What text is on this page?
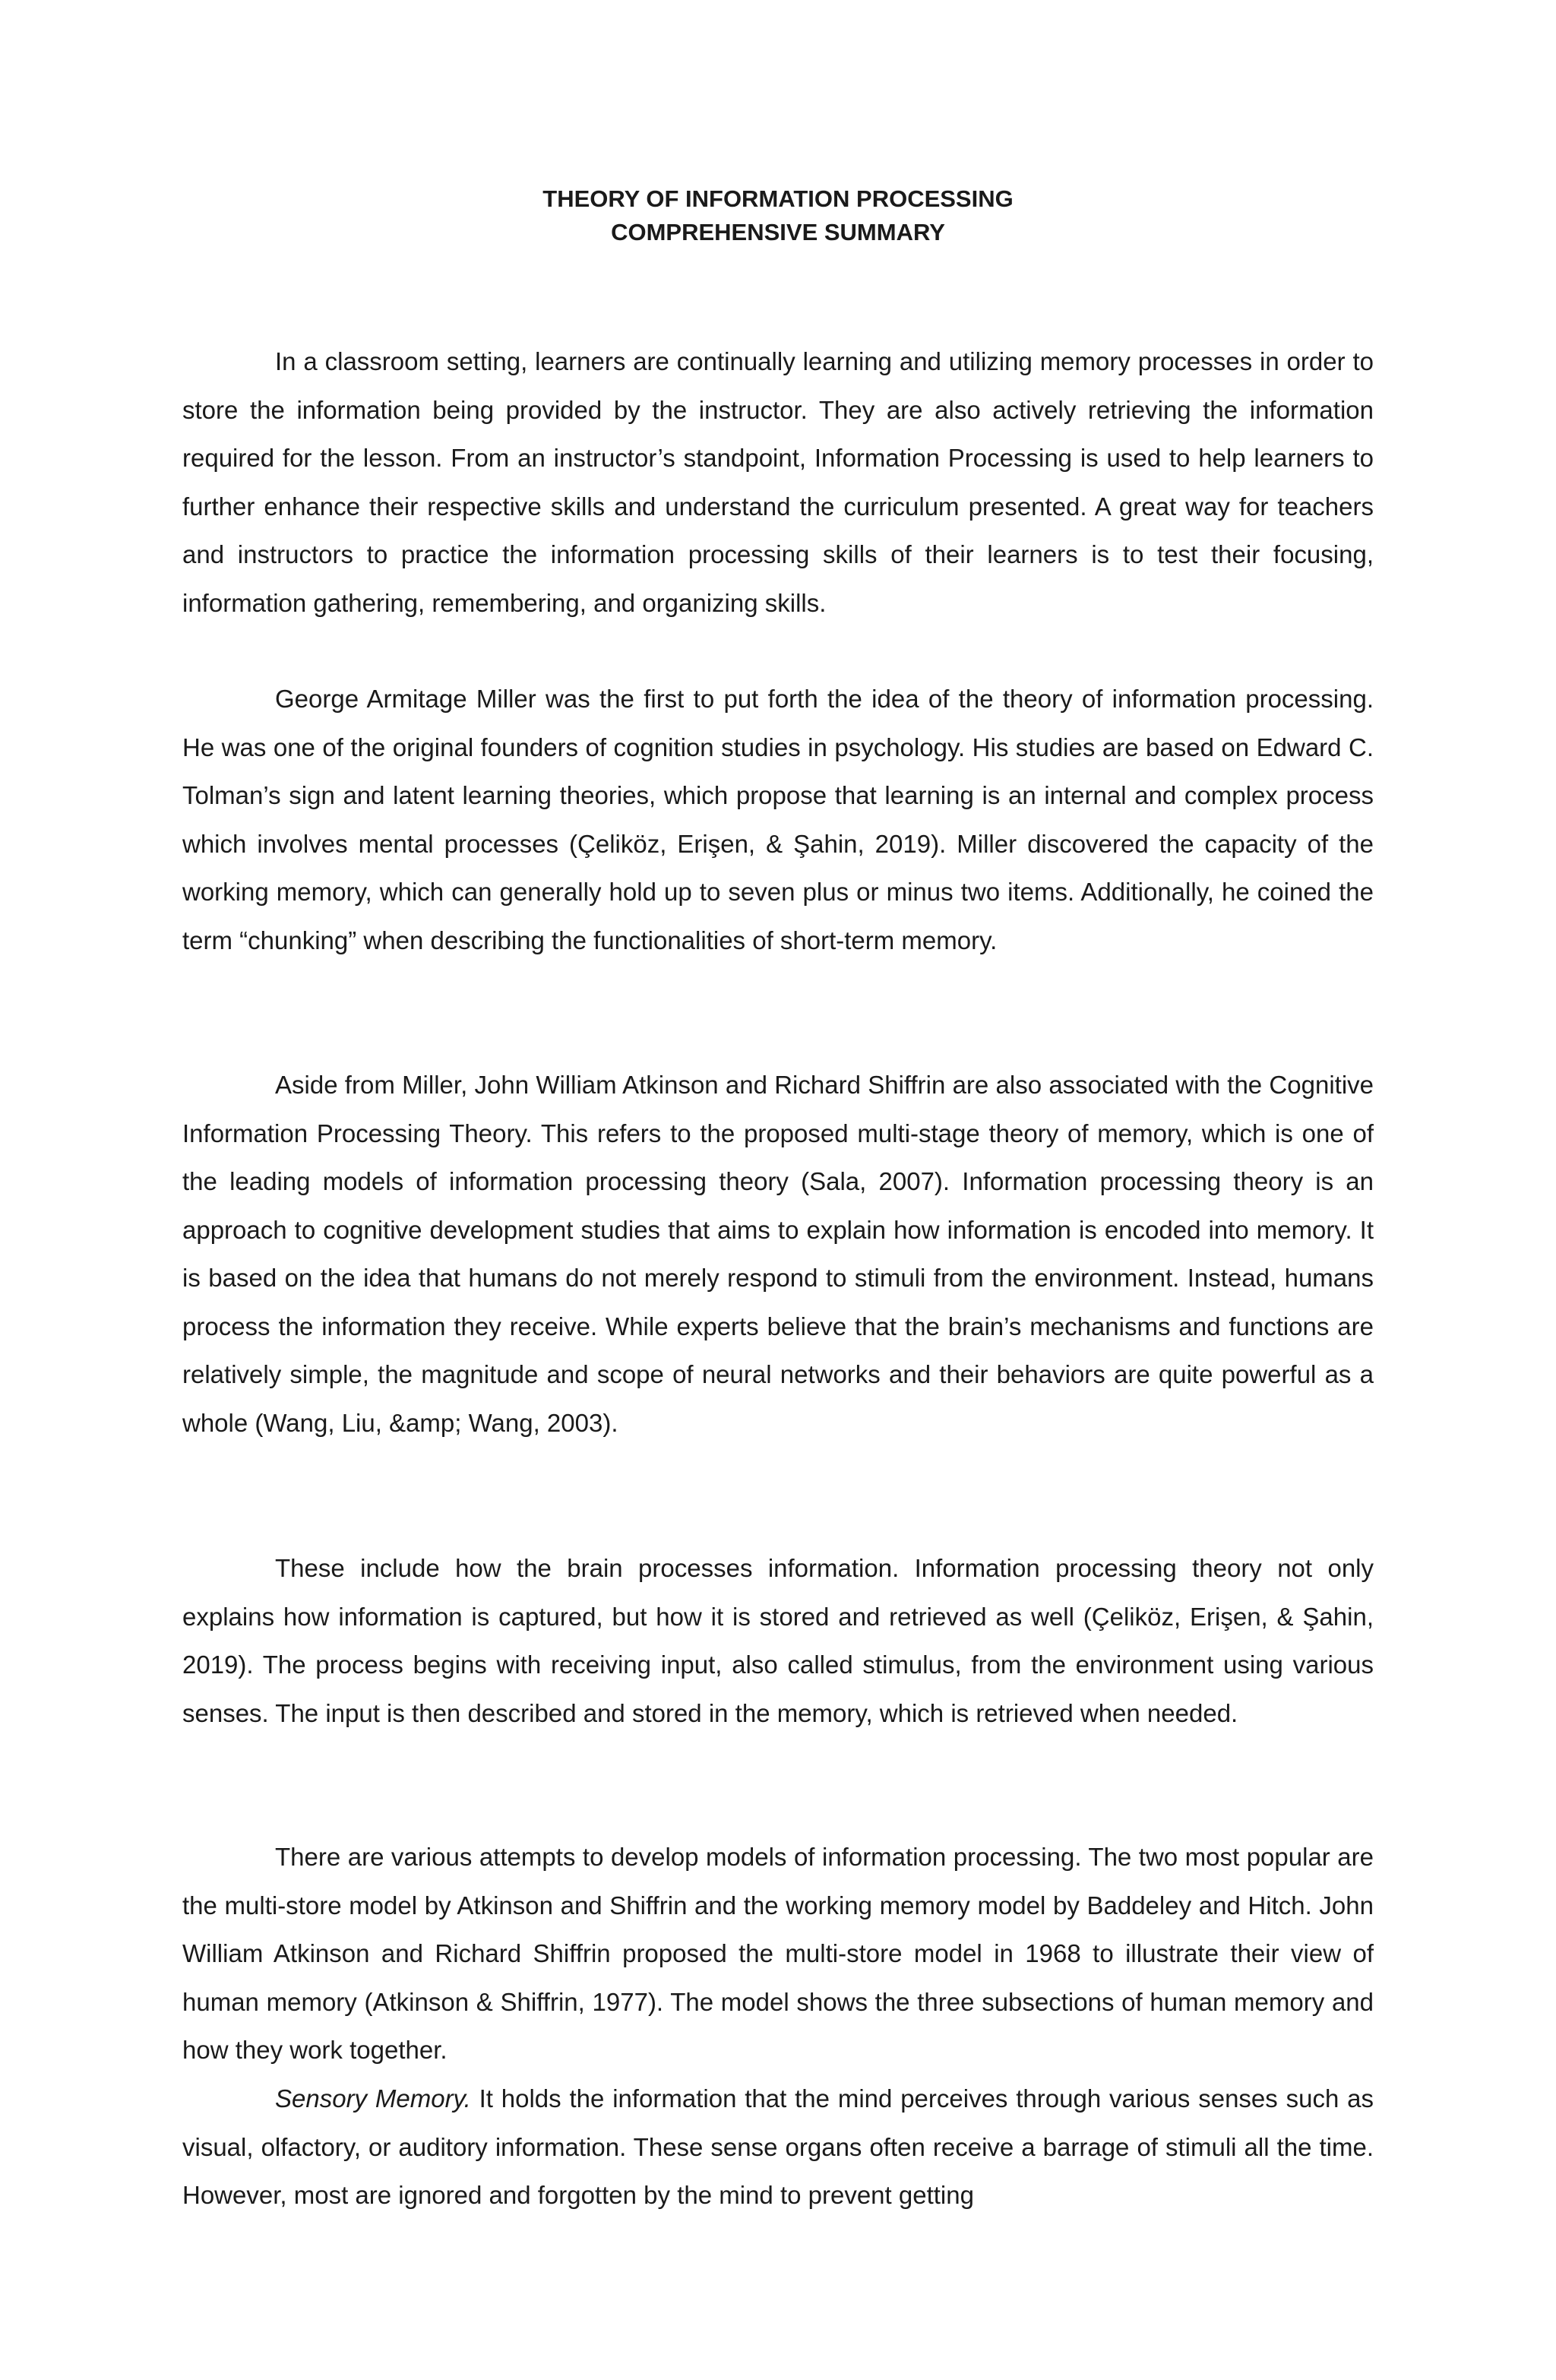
THEORY OF INFORMATION PROCESSING
COMPREHENSIVE SUMMARY

In a classroom setting, learners are continually learning and utilizing memory processes in order to store the information being provided by the instructor. They are also actively retrieving the information required for the lesson. From an instructor’s standpoint, Information Processing is used to help learners to further enhance their respective skills and understand the curriculum presented. A great way for teachers and instructors to practice the information processing skills of their learners is to test their focusing, information gathering, remembering, and organizing skills.

George Armitage Miller was the first to put forth the idea of the theory of information processing. He was one of the original founders of cognition studies in psychology. His studies are based on Edward C. Tolman’s sign and latent learning theories, which propose that learning is an internal and complex process which involves mental processes (Çeliköz, Erişen, & Şahin, 2019). Miller discovered the capacity of the working memory, which can generally hold up to seven plus or minus two items. Additionally, he coined the term “chunking” when describing the functionalities of short-term memory.

Aside from Miller, John William Atkinson and Richard Shiffrin are also associated with the Cognitive Information Processing Theory. This refers to the proposed multi-stage theory of memory, which is one of the leading models of information processing theory (Sala, 2007). Information processing theory is an approach to cognitive development studies that aims to explain how information is encoded into memory. It is based on the idea that humans do not merely respond to stimuli from the environment. Instead, humans process the information they receive. While experts believe that the brain’s mechanisms and functions are relatively simple, the magnitude and scope of neural networks and their behaviors are quite powerful as a whole (Wang, Liu, &amp; Wang, 2003).

These include how the brain processes information. Information processing theory not only explains how information is captured, but how it is stored and retrieved as well (Çeliköz, Erişen, & Şahin, 2019). The process begins with receiving input, also called stimulus, from the environment using various senses. The input is then described and stored in the memory, which is retrieved when needed.

There are various attempts to develop models of information processing. The two most popular are the multi-store model by Atkinson and Shiffrin and the working memory model by Baddeley and Hitch. John William Atkinson and Richard Shiffrin proposed the multi-store model in 1968 to illustrate their view of human memory (Atkinson & Shiffrin, 1977). The model shows the three subsections of human memory and how they work together.

Sensory Memory. It holds the information that the mind perceives through various senses such as visual, olfactory, or auditory information. These sense organs often receive a barrage of stimuli all the time. However, most are ignored and forgotten by the mind to prevent getting
